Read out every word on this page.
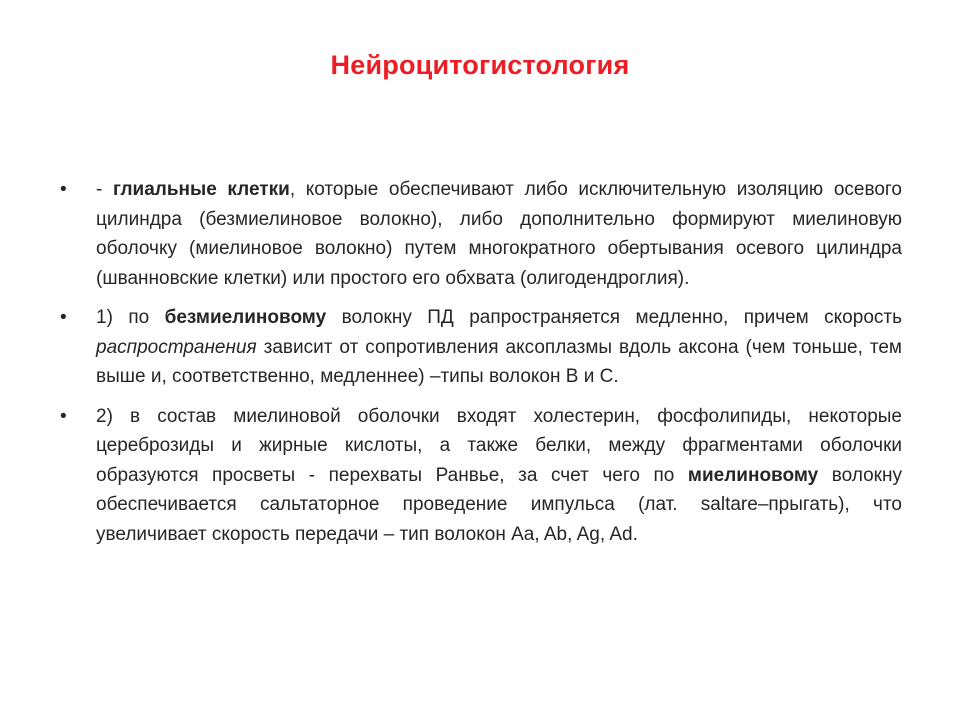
Нейроцитогистология
• - глиальные клетки, которые обеспечивают либо исключительную изоляцию осевого цилиндра (безмиелиновое волокно), либо дополнительно формируют миелиновую оболочку (миелиновое волокно) путем многократного обертывания осевого цилиндра (шванновские клетки) или простого его обхвата (олигодендроглия).
• 1) по безмиелиновому волокну ПД рапространяется медленно, причем скорость распространения зависит от сопротивления аксоплазмы вдоль аксона (чем тоньше, тем выше и, соответственно, медленнее) –типы волокон B и C.
• 2) в состав миелиновой оболочки входят холестерин, фосфолипиды, некоторые цереброзиды и жирные кислоты, а также белки, между фрагментами оболочки образуются просветы - перехваты Ранвье, за счет чего по миелиновому волокну обеспечивается сальтаторное проведение импульса (лат. saltare–прыгать), что увеличивает скорость передачи – тип волокон Aa, Ab, Ag, Ad.
